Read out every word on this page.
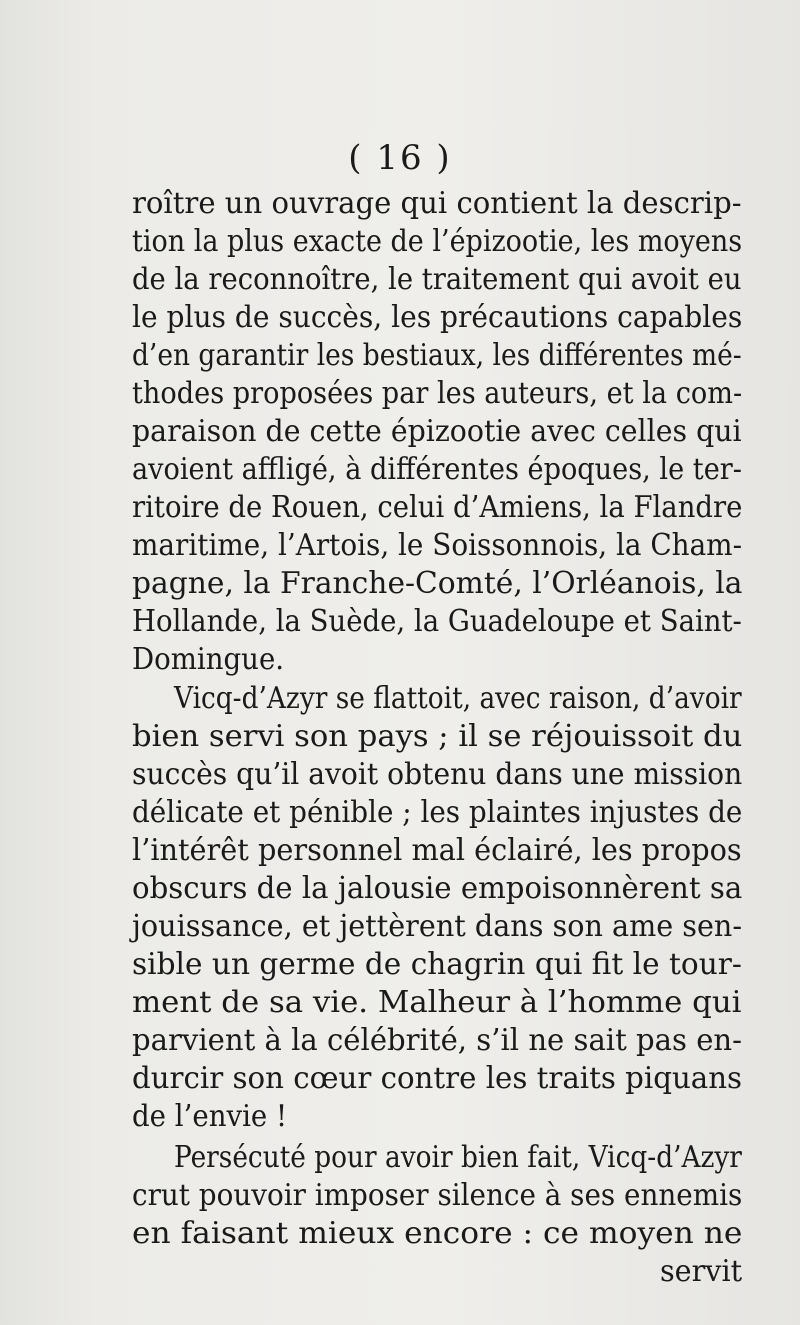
( 16 )
roître un ouvrage qui contient la descrip-
tion la plus exacte de l’épizootie, les moyens
de la reconnoître, le traitement qui avoit eu
le plus de succès, les précautions capables
d’en garantir les bestiaux, les différentes mé-
thodes proposées par les auteurs, et la com-
paraison de cette épizootie avec celles qui
avoient affligé, à différentes époques, le ter-
ritoire de Rouen, celui d’Amiens, la Flandre
maritime, l’Artois, le Soissonnois, la Cham-
pagne, la Franche-Comté, l’Orléanois, la
Hollande, la Suède, la Guadeloupe et Saint-
Domingue.
Vicq-d’Azyr se flattoit, avec raison, d’avoir
bien servi son pays ; il se réjouissoit du
succès qu’il avoit obtenu dans une mission
délicate et pénible ; les plaintes injustes de
l’intérêt personnel mal éclairé, les propos
obscurs de la jalousie empoisonnèrent sa
jouissance, et jettèrent dans son ame sen-
sible un germe de chagrin qui fit le tour-
ment de sa vie. Malheur à l’homme qui
parvient à la célébrité, s’il ne sait pas en-
durcir son cœur contre les traits piquans
de l’envie !
Persécuté pour avoir bien fait, Vicq-d’Azyr
crut pouvoir imposer silence à ses ennemis
en faisant mieux encore : ce moyen ne
servit
